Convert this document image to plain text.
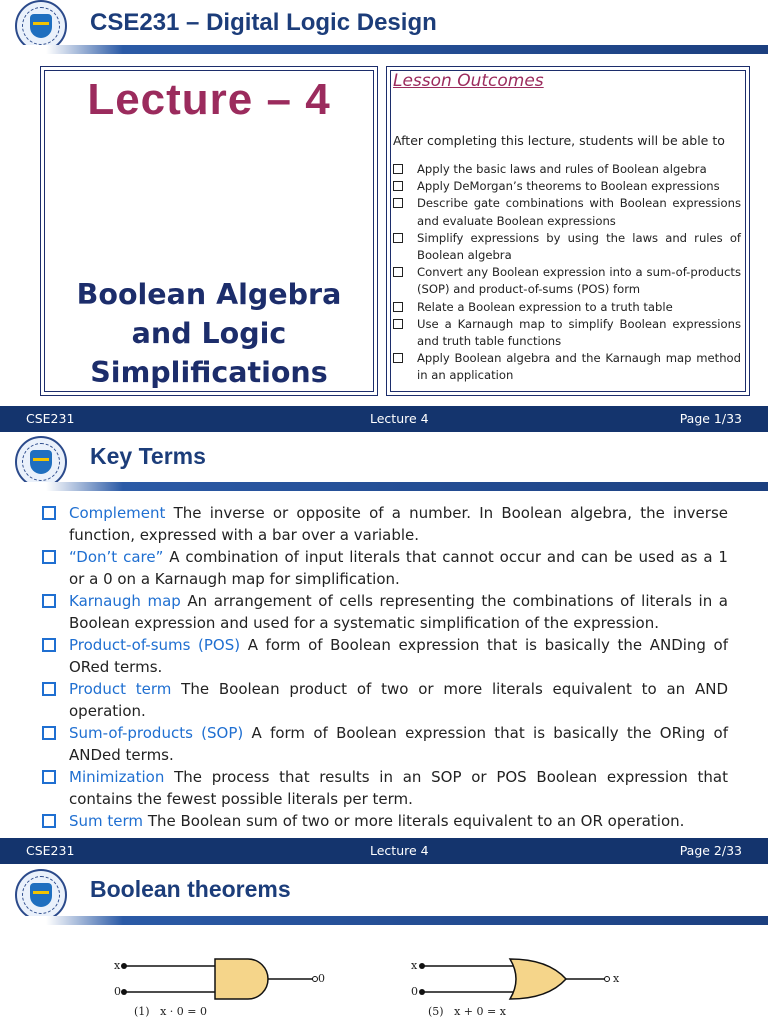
CSE231 – Digital Logic Design
Lecture – 4
Boolean Algebra
and Logic
Simplifications
Lesson Outcomes
After completing this lecture, students will be able to
Apply the basic laws and rules of Boolean algebra
Apply DeMorgan’s theorems to Boolean expressions
Describe gate combinations with Boolean expressions and evaluate Boolean expressions
Simplify expressions by using the laws and rules of Boolean algebra
Convert any Boolean expression into a sum-of-products (SOP) and product-of-sums (POS) form
Relate a Boolean expression to a truth table
Use a Karnaugh map to simplify Boolean expressions and truth table functions
Apply Boolean algebra and the Karnaugh map method in an application
CSE231	Lecture 4	Page 1/33
Key Terms
Complement The inverse or opposite of a number. In Boolean algebra, the inverse function, expressed with a bar over a variable.
“Don’t care” A combination of input literals that cannot occur and can be used as a 1 or a 0 on a Karnaugh map for simplification.
Karnaugh map An arrangement of cells representing the combinations of literals in a Boolean expression and used for a systematic simplification of the expression.
Product-of-sums (POS) A form of Boolean expression that is basically the ANDing of ORed terms.
Product term The Boolean product of two or more literals equivalent to an AND operation.
Sum-of-products (SOP) A form of Boolean expression that is basically the ORing of ANDed terms.
Minimization The process that results in an SOP or POS Boolean expression that contains the fewest possible literals per term.
Sum term The Boolean sum of two or more literals equivalent to an OR operation.
CSE231	Lecture 4	Page 2/33
Boolean theorems
x
0
0
(1)   x · 0 = 0
x
0
x
(5)   x + 0 = x
